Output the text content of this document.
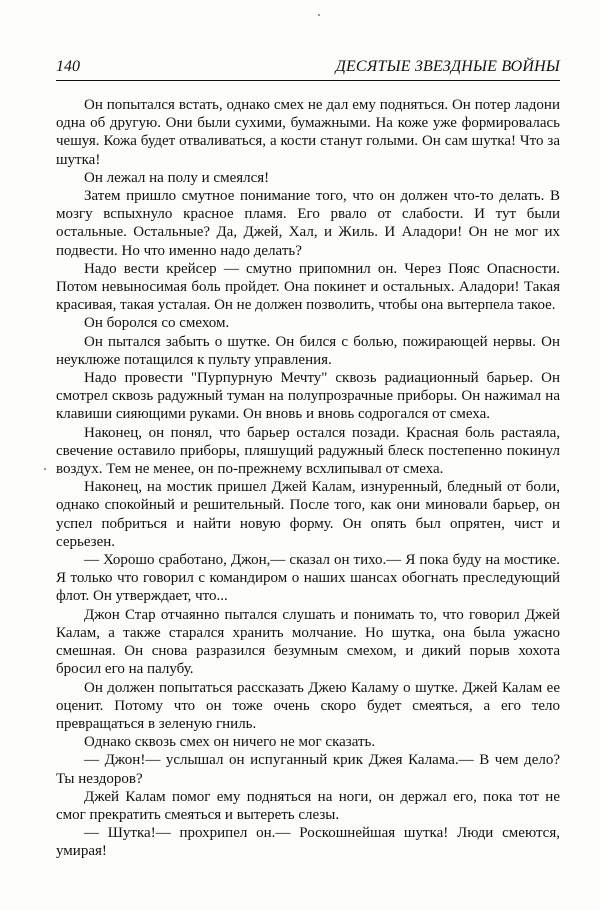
140	ДЕСЯТЫЕ ЗВЕЗДНЫЕ ВОЙНЫ

Он попытался встать, однако смех не дал ему подняться. Он потер ладони одна об другую. Они были сухими, бумажными. На коже уже формировалась чешуя. Кожа будет отваливаться, а кости станут голыми. Он сам шутка! Что за шутка!

Он лежал на полу и смеялся!

Затем пришло смутное понимание того, что он должен что-то делать. В мозгу вспыхнуло красное пламя. Его рвало от слабости. И тут были остальные. Остальные? Да, Джей, Хал, и Жиль. И Аладори! Он не мог их подвести. Но что именно надо делать?

Надо вести крейсер — смутно припомнил он. Через Пояс Опасности. Потом невыносимая боль пройдет. Она покинет и остальных. Аладори! Такая красивая, такая усталая. Он не должен позволить, чтобы она вытерпела такое.

Он боролся со смехом.

Он пытался забыть о шутке. Он бился с болью, пожирающей нервы. Он неуклюже потащился к пульту управления.

Надо провести "Пурпурную Мечту" сквозь радиационный барьер. Он смотрел сквозь радужный туман на полупрозрачные приборы. Он нажимал на клавиши сияющими руками. Он вновь и вновь содрогался от смеха.

Наконец, он понял, что барьер остался позади. Красная боль растаяла, свечение оставило приборы, пляшущий радужный блеск постепенно покинул воздух. Тем не менее, он по-прежнему всхлипывал от смеха.

Наконец, на мостик пришел Джей Калам, изнуренный, бледный от боли, однако спокойный и решительный. После того, как они миновали барьер, он успел побриться и найти новую форму. Он опять был опрятен, чист и серьезен.

— Хорошо сработано, Джон,— сказал он тихо.— Я пока буду на мостике. Я только что говорил с командиром о наших шансах обогнать преследующий флот. Он утверждает, что...

Джон Стар отчаянно пытался слушать и понимать то, что говорил Джей Калам, а также старался хранить молчание. Но шутка, она была ужасно смешная. Он снова разразился безумным смехом, и дикий порыв хохота бросил его на палубу.

Он должен попытаться рассказать Джею Каламу о шутке. Джей Калам ее оценит. Потому что он тоже очень скоро будет смеяться, а его тело превращаться в зеленую гниль.

Однако сквозь смех он ничего не мог сказать.

— Джон!— услышал он испуганный крик Джея Калама.— В чем дело? Ты нездоров?

Джей Калам помог ему подняться на ноги, он держал его, пока тот не смог прекратить смеяться и вытереть слезы.

— Шутка!— прохрипел он.— Роскошнейшая шутка! Люди смеются, умирая!
